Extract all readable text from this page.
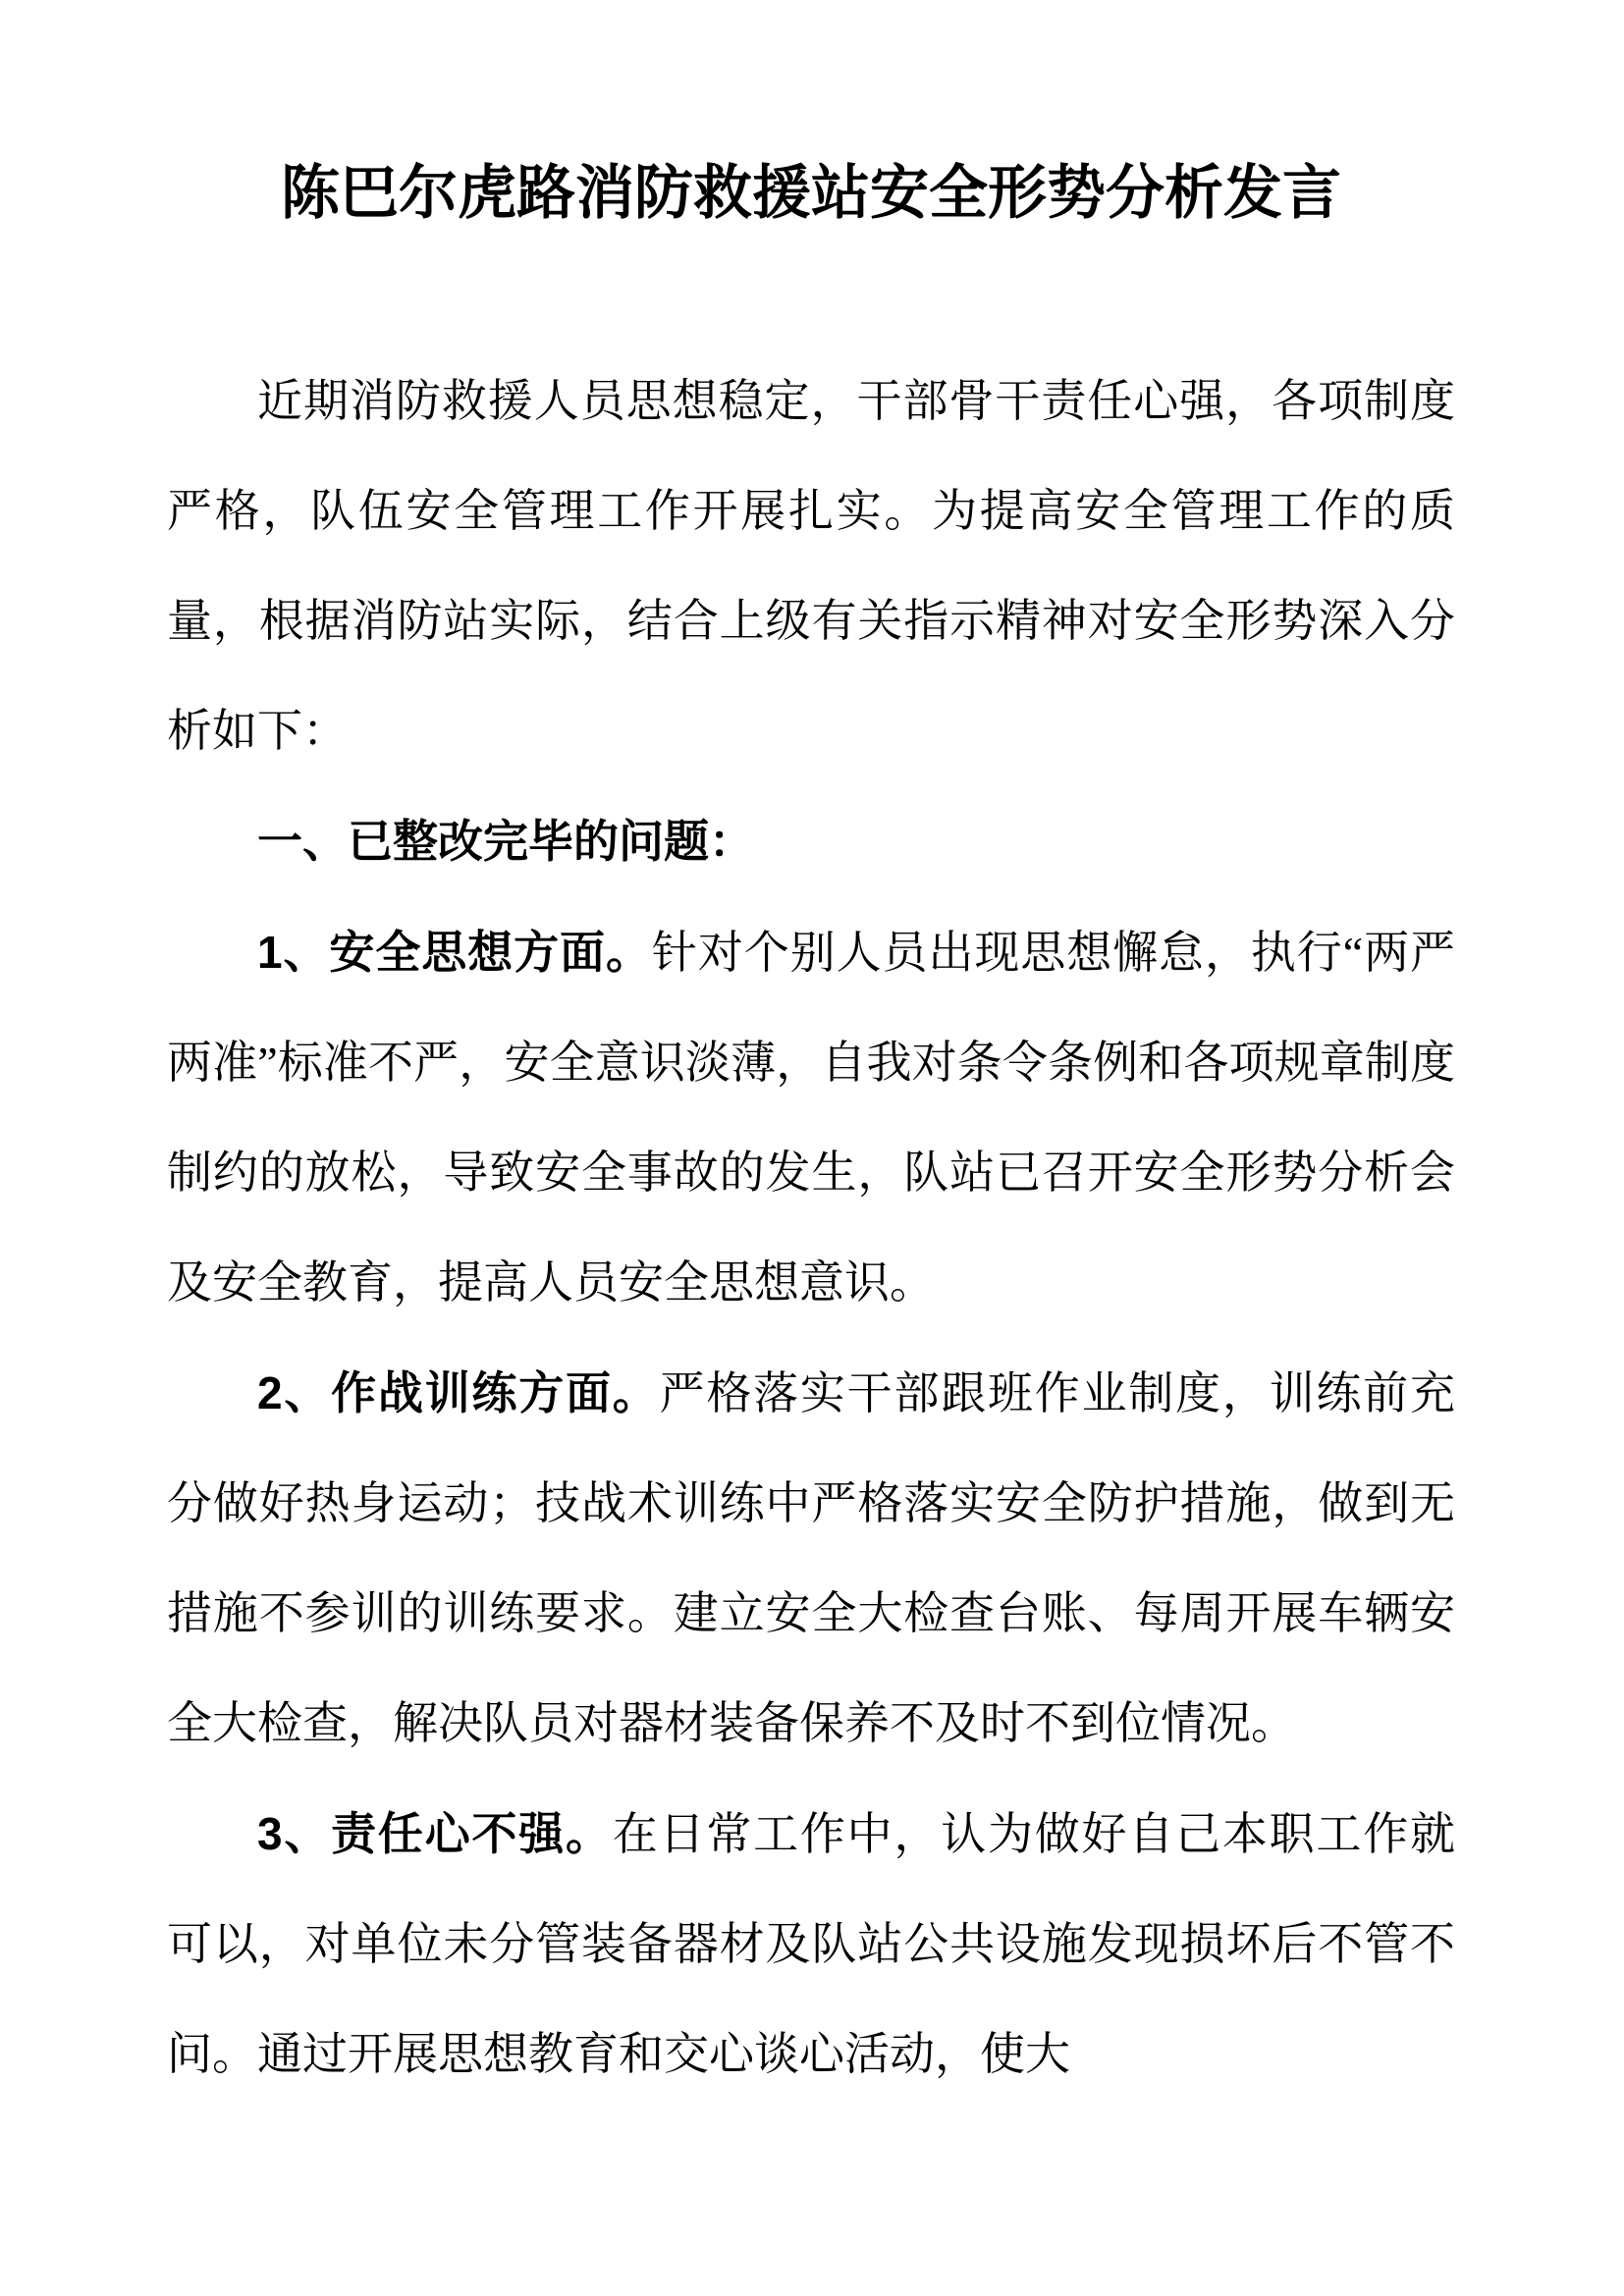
陈巴尔虎路消防救援站安全形势分析发言

近期消防救援人员思想稳定，干部骨干责任心强，各项制度严格，队伍安全管理工作开展扎实。为提高安全管理工作的质量，根据消防站实际，结合上级有关指示精神对安全形势深入分析如下：

一、已整改完毕的问题：

1、安全思想方面。针对个别人员出现思想懈怠，执行“两严两准”标准不严，安全意识淡薄，自我对条令条例和各项规章制度制约的放松，导致安全事故的发生，队站已召开安全形势分析会及安全教育，提高人员安全思想意识。

2、作战训练方面。严格落实干部跟班作业制度，训练前充分做好热身运动；技战术训练中严格落实安全防护措施，做到无措施不参训的训练要求。建立安全大检查台账、每周开展车辆安全大检查，解决队员对器材装备保养不及时不到位情况。

3、责任心不强。在日常工作中，认为做好自己本职工作就可以，对单位未分管装备器材及队站公共设施发现损坏后不管不问。通过开展思想教育和交心谈心活动，使大
